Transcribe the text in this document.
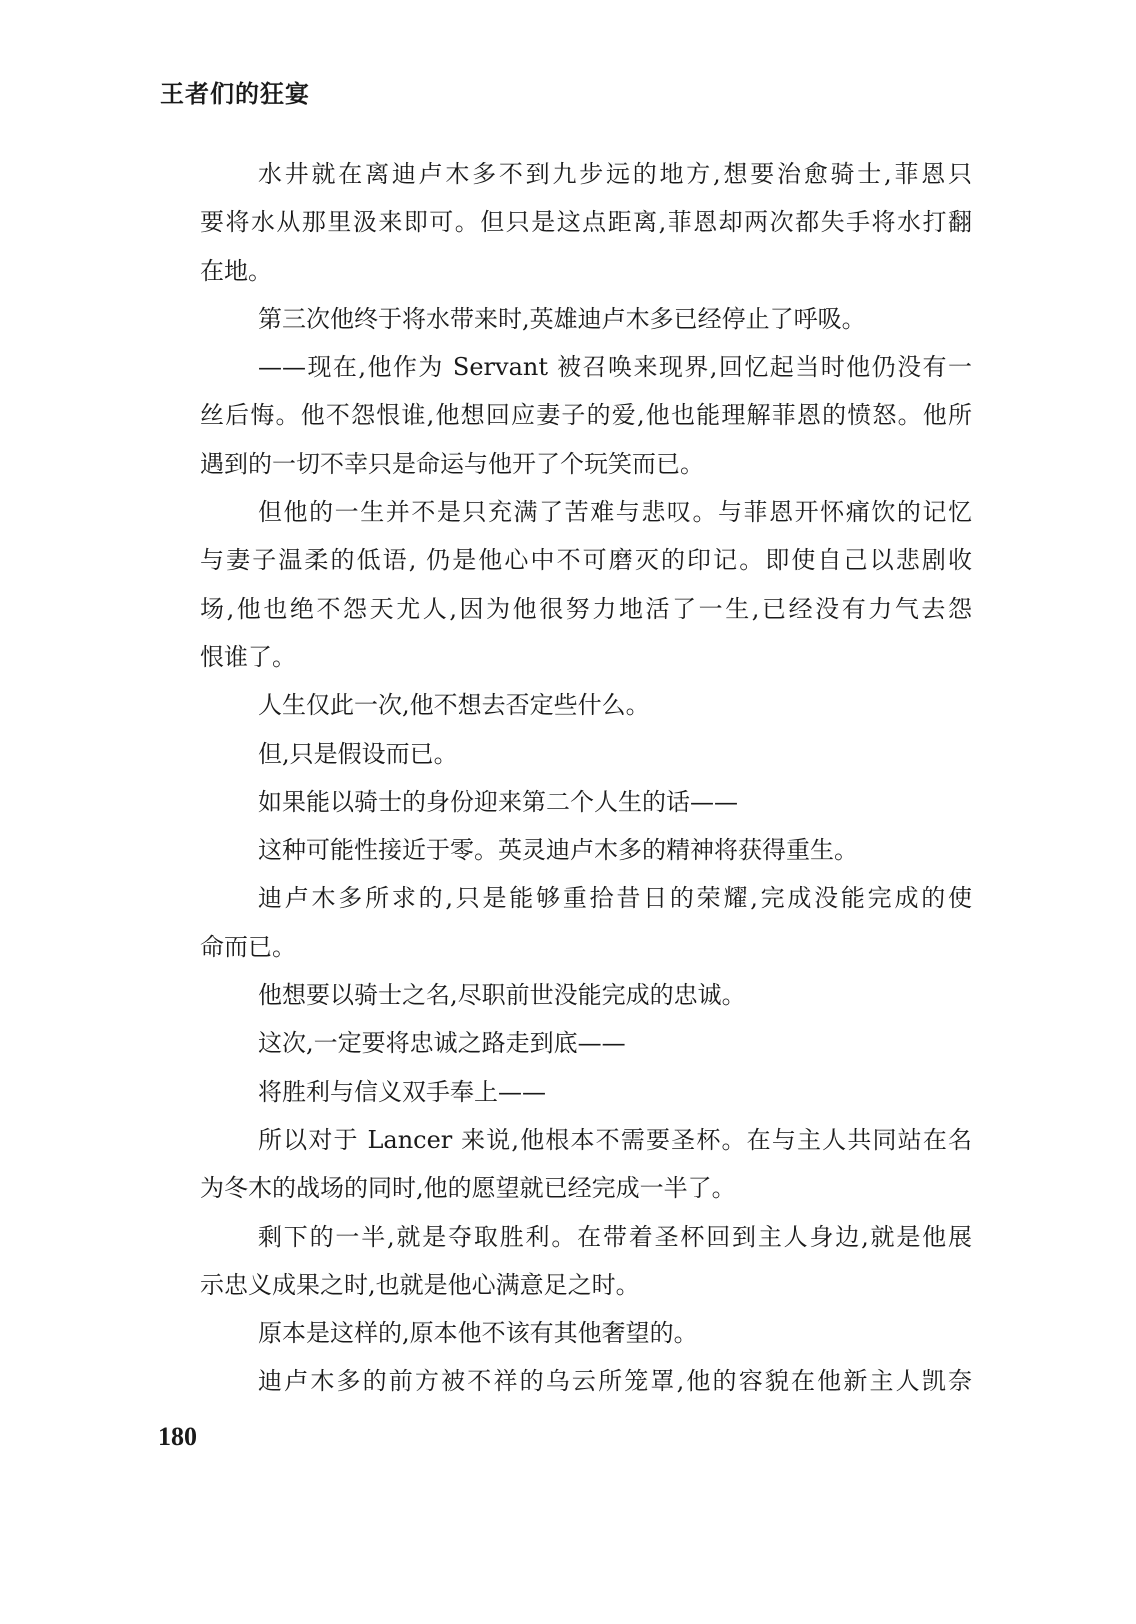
王者们的狂宴
水井就在离迪卢木多不到九步远的地方,想要治愈骑士,菲恩只
要将水从那里汲来即可。但只是这点距离,菲恩却两次都失手将水打翻
在地。
第三次他终于将水带来时,英雄迪卢木多已经停止了呼吸。
——现在,他作为 Servant 被召唤来现界,回忆起当时他仍没有一
丝后悔。他不怨恨谁,他想回应妻子的爱,他也能理解菲恩的愤怒。他所
遇到的一切不幸只是命运与他开了个玩笑而已。
但他的一生并不是只充满了苦难与悲叹。与菲恩开怀痛饮的记忆
与妻子温柔的低语, 仍是他心中不可磨灭的印记。即使自己以悲剧收
场,他也绝不怨天尤人,因为他很努力地活了一生,已经没有力气去怨
恨谁了。
人生仅此一次,他不想去否定些什么。
但,只是假设而已。
如果能以骑士的身份迎来第二个人生的话——
这种可能性接近于零。英灵迪卢木多的精神将获得重生。
迪卢木多所求的,只是能够重拾昔日的荣耀,完成没能完成的使
命而已。
他想要以骑士之名,尽职前世没能完成的忠诚。
这次,一定要将忠诚之路走到底——
将胜利与信义双手奉上——
所以对于 Lancer 来说,他根本不需要圣杯。在与主人共同站在名
为冬木的战场的同时,他的愿望就已经完成一半了。
剩下的一半,就是夺取胜利。在带着圣杯回到主人身边,就是他展
示忠义成果之时,也就是他心满意足之时。
原本是这样的,原本他不该有其他奢望的。
迪卢木多的前方被不祥的乌云所笼罩,他的容貌在他新主人凯奈
180
